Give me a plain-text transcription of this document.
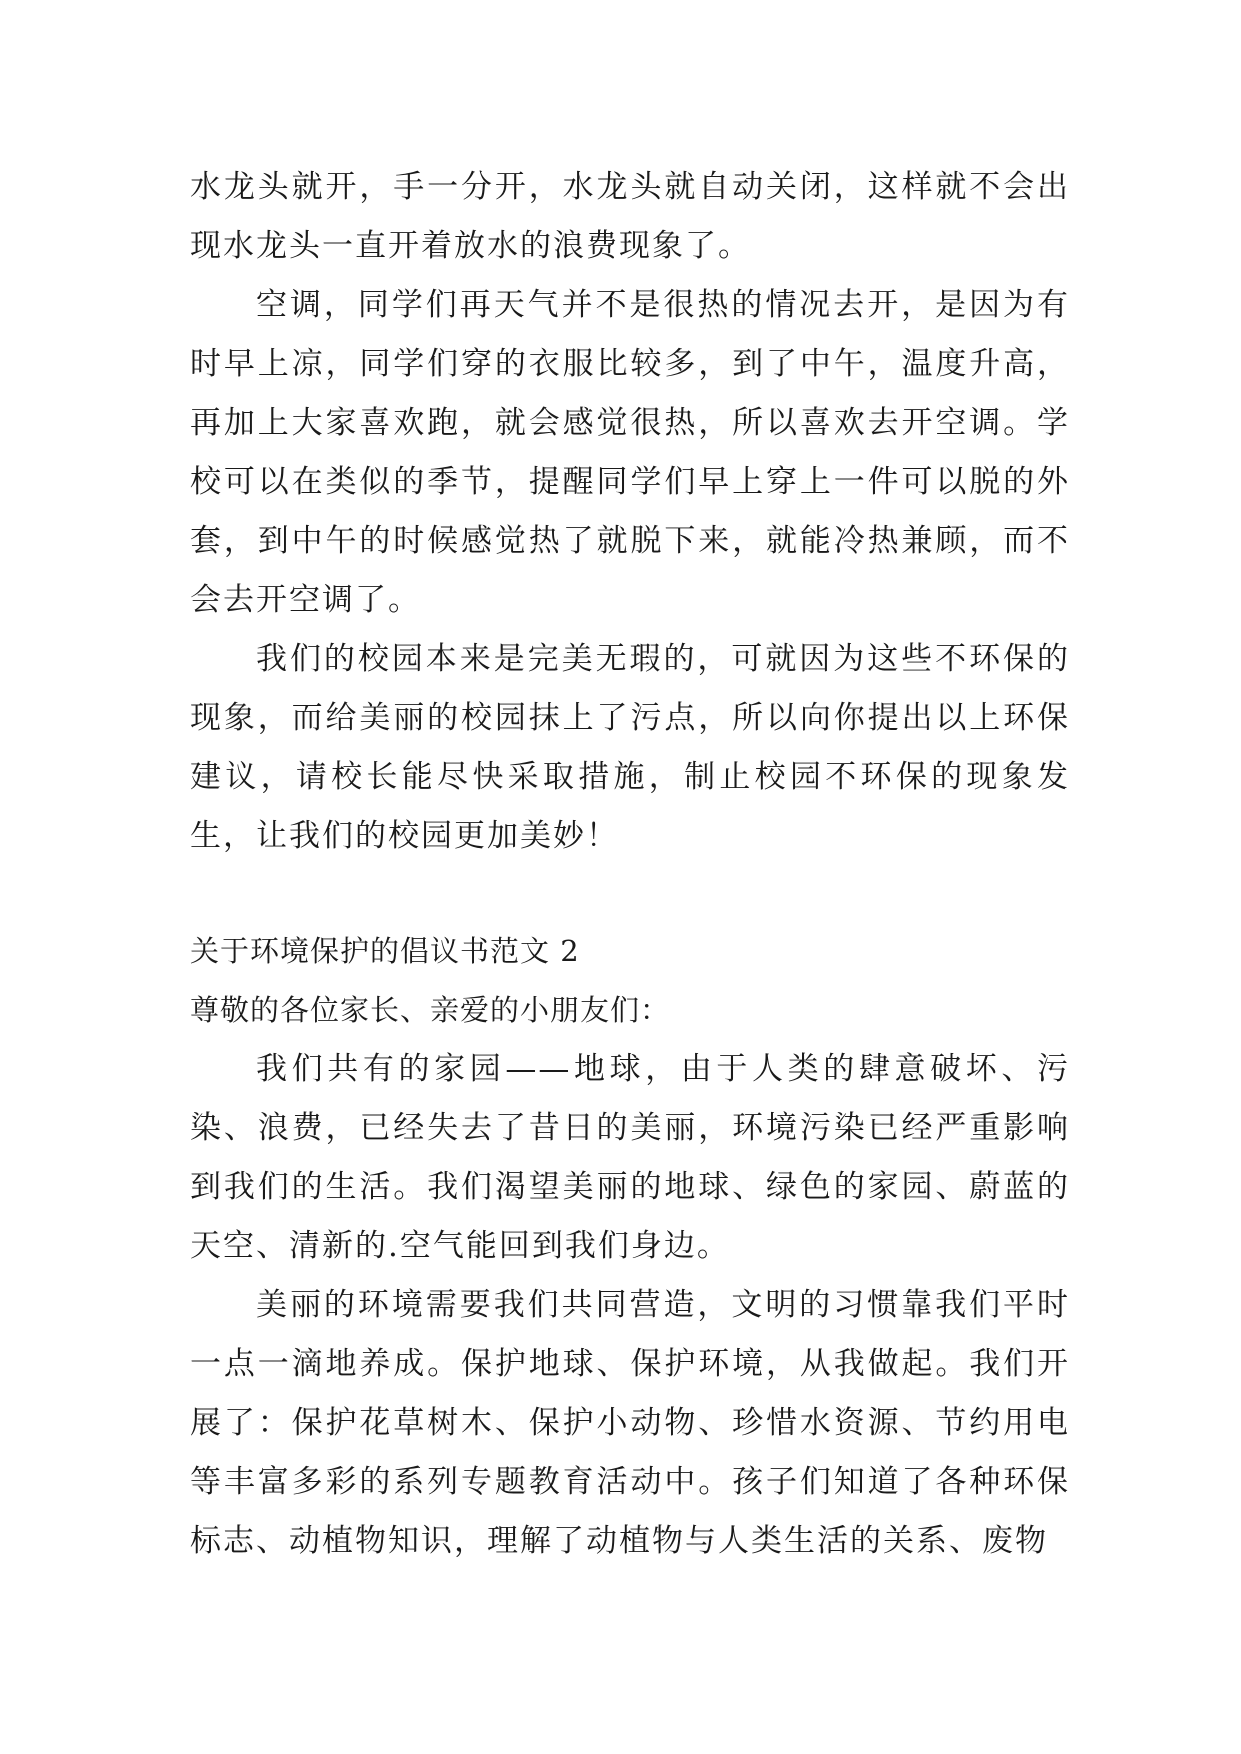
水龙头就开，手一分开，水龙头就自动关闭，这样就不会出现水龙头一直开着放水的浪费现象了。

空调，同学们再天气并不是很热的情况去开，是因为有时早上凉，同学们穿的衣服比较多，到了中午，温度升高，再加上大家喜欢跑，就会感觉很热，所以喜欢去开空调。学校可以在类似的季节，提醒同学们早上穿上一件可以脱的外套，到中午的时候感觉热了就脱下来，就能冷热兼顾，而不会去开空调了。

我们的校园本来是完美无瑕的，可就因为这些不环保的现象，而给美丽的校园抹上了污点，所以向你提出以上环保建议，请校长能尽快采取措施，制止校园不环保的现象发生，让我们的校园更加美妙！

关于环境保护的倡议书范文 2

尊敬的各位家长、亲爱的小朋友们：

我们共有的家园——地球，由于人类的肆意破坏、污染、浪费，已经失去了昔日的美丽，环境污染已经严重影响到我们的生活。我们渴望美丽的地球、绿色的家园、蔚蓝的天空、清新的.空气能回到我们身边。

美丽的环境需要我们共同营造，文明的习惯靠我们平时一点一滴地养成。保护地球、保护环境，从我做起。我们开展了：保护花草树木、保护小动物、珍惜水资源、节约用电等丰富多彩的系列专题教育活动中。孩子们知道了各种环保标志、动植物知识，理解了动植物与人类生活的关系、废物
